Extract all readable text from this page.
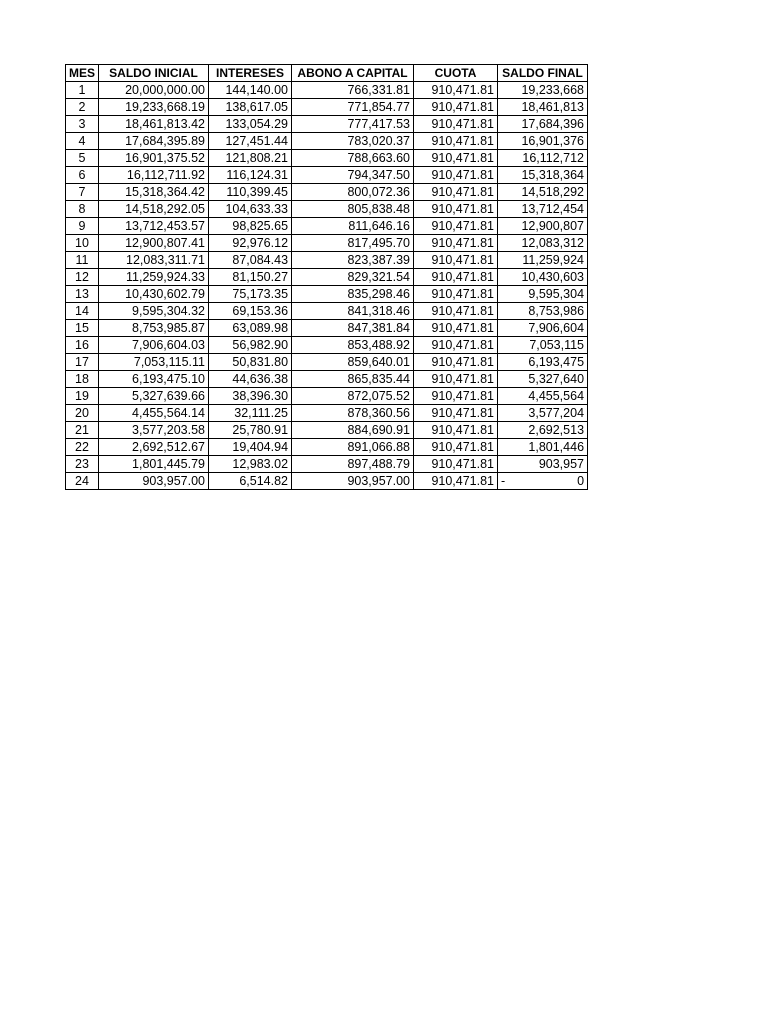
MES	SALDO INICIAL	INTERESES	ABONO A CAPITAL	CUOTA	SALDO FINAL
1	20,000,000.00	144,140.00	766,331.81	910,471.81	19,233,668
2	19,233,668.19	138,617.05	771,854.77	910,471.81	18,461,813
3	18,461,813.42	133,054.29	777,417.53	910,471.81	17,684,396
4	17,684,395.89	127,451.44	783,020.37	910,471.81	16,901,376
5	16,901,375.52	121,808.21	788,663.60	910,471.81	16,112,712
6	16,112,711.92	116,124.31	794,347.50	910,471.81	15,318,364
7	15,318,364.42	110,399.45	800,072.36	910,471.81	14,518,292
8	14,518,292.05	104,633.33	805,838.48	910,471.81	13,712,454
9	13,712,453.57	98,825.65	811,646.16	910,471.81	12,900,807
10	12,900,807.41	92,976.12	817,495.70	910,471.81	12,083,312
11	12,083,311.71	87,084.43	823,387.39	910,471.81	11,259,924
12	11,259,924.33	81,150.27	829,321.54	910,471.81	10,430,603
13	10,430,602.79	75,173.35	835,298.46	910,471.81	9,595,304
14	9,595,304.32	69,153.36	841,318.46	910,471.81	8,753,986
15	8,753,985.87	63,089.98	847,381.84	910,471.81	7,906,604
16	7,906,604.03	56,982.90	853,488.92	910,471.81	7,053,115
17	7,053,115.11	50,831.80	859,640.01	910,471.81	6,193,475
18	6,193,475.10	44,636.38	865,835.44	910,471.81	5,327,640
19	5,327,639.66	38,396.30	872,075.52	910,471.81	4,455,564
20	4,455,564.14	32,111.25	878,360.56	910,471.81	3,577,204
21	3,577,203.58	25,780.91	884,690.91	910,471.81	2,692,513
22	2,692,512.67	19,404.94	891,066.88	910,471.81	1,801,446
23	1,801,445.79	12,983.02	897,488.79	910,471.81	903,957
24	903,957.00	6,514.82	903,957.00	910,471.81	- 0
